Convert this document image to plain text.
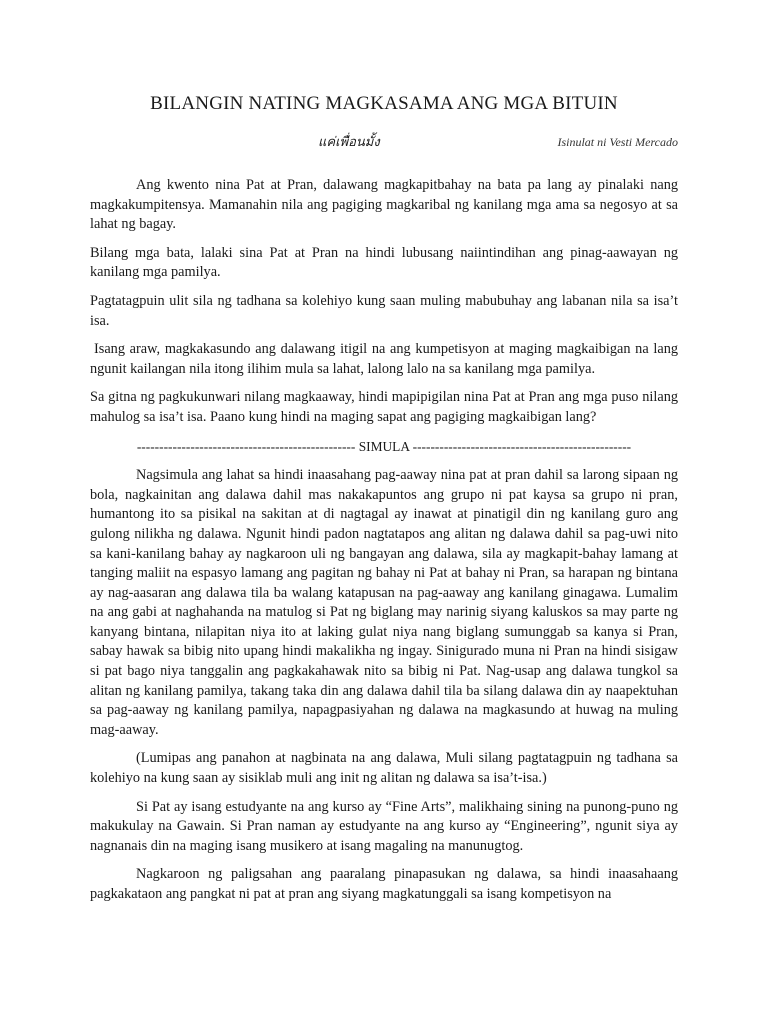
BILANGIN NATING MAGKASAMA ANG MGA BITUIN
แค่เพื่อนมั้ง	Isinulat ni Vesti Mercado

Ang kwento nina Pat at Pran, dalawang magkapitbahay na bata pa lang ay pinalaki nang magkakumpitensya. Mamanahin nila ang pagiging magkaribal ng kanilang mga ama sa negosyo at sa lahat ng bagay.

Bilang mga bata, lalaki sina Pat at Pran na hindi lubusang naiintindihan ang pinag-aawayan ng kanilang mga pamilya.

Pagtatagpuin ulit sila ng tadhana sa kolehiyo kung saan muling mabubuhay ang labanan nila sa isa’t isa.

Isang araw, magkakasundo ang dalawang itigil na ang kumpetisyon at maging magkaibigan na lang ngunit kailangan nila itong ilihim mula sa lahat, lalong lalo na sa kanilang mga pamilya.

Sa gitna ng pagkukunwari nilang magkaaway, hindi mapipigilan nina Pat at Pran ang mga puso nilang mahulog sa isa’t isa. Paano kung hindi na maging sapat ang pagiging magkaibigan lang?

------------------------------------------------- SIMULA -------------------------------------------------

Nagsimula ang lahat sa hindi inaasahang pag-aaway nina pat at pran dahil sa larong sipaan ng bola, nagkainitan ang dalawa dahil mas nakakapuntos ang grupo ni pat kaysa sa grupo ni pran, humantong ito sa pisikal na sakitan at di nagtagal ay inawat at pinatigil din ng kanilang guro ang gulong nilikha ng dalawa. Ngunit hindi padon nagtatapos ang alitan ng dalawa dahil sa pag-uwi nito sa kani-kanilang bahay ay nagkaroon uli ng bangayan ang dalawa, sila ay magkapit-bahay lamang at tanging maliit na espasyo lamang ang pagitan ng bahay ni Pat at bahay ni Pran, sa harapan ng bintana ay nag-aasaran ang dalawa tila ba walang katapusan na pag-aaway ang kanilang ginagawa. Lumalim na ang gabi at naghahanda na matulog si Pat ng biglang may narinig siyang kaluskos sa may parte ng kanyang bintana, nilapitan niya ito at laking gulat niya nang biglang sumunggab sa kanya si Pran, sabay hawak sa bibig nito upang hindi makalikha ng ingay. Sinigurado muna ni Pran na hindi sisigaw si pat bago niya tanggalin ang pagkakahawak nito sa bibig ni Pat. Nag-usap ang dalawa tungkol sa alitan ng kanilang pamilya, takang taka din ang dalawa dahil tila ba silang dalawa din ay naapektuhan sa pag-aaway ng kanilang pamilya, napagpasiyahan ng dalawa na magkasundo at huwag na muling mag-aaway.

(Lumipas ang panahon at nagbinata na ang dalawa, Muli silang pagtatagpuin ng tadhana sa kolehiyo na kung saan ay sisiklab muli ang init ng alitan ng dalawa sa isa’t-isa.)

Si Pat ay isang estudyante na ang kurso ay “Fine Arts”, malikhaing sining na punong-puno ng makukulay na Gawain. Si Pran naman ay estudyante na ang kurso ay “Engineering”, ngunit siya ay nagnanais din na maging isang musikero at isang magaling na manunugtog.

Nagkaroon ng paligsahan ang paaralang pinapasukan ng dalawa, sa hindi inaasahaang pagkakataon ang pangkat ni pat at pran ang siyang magkatunggali sa isang kompetisyon na
